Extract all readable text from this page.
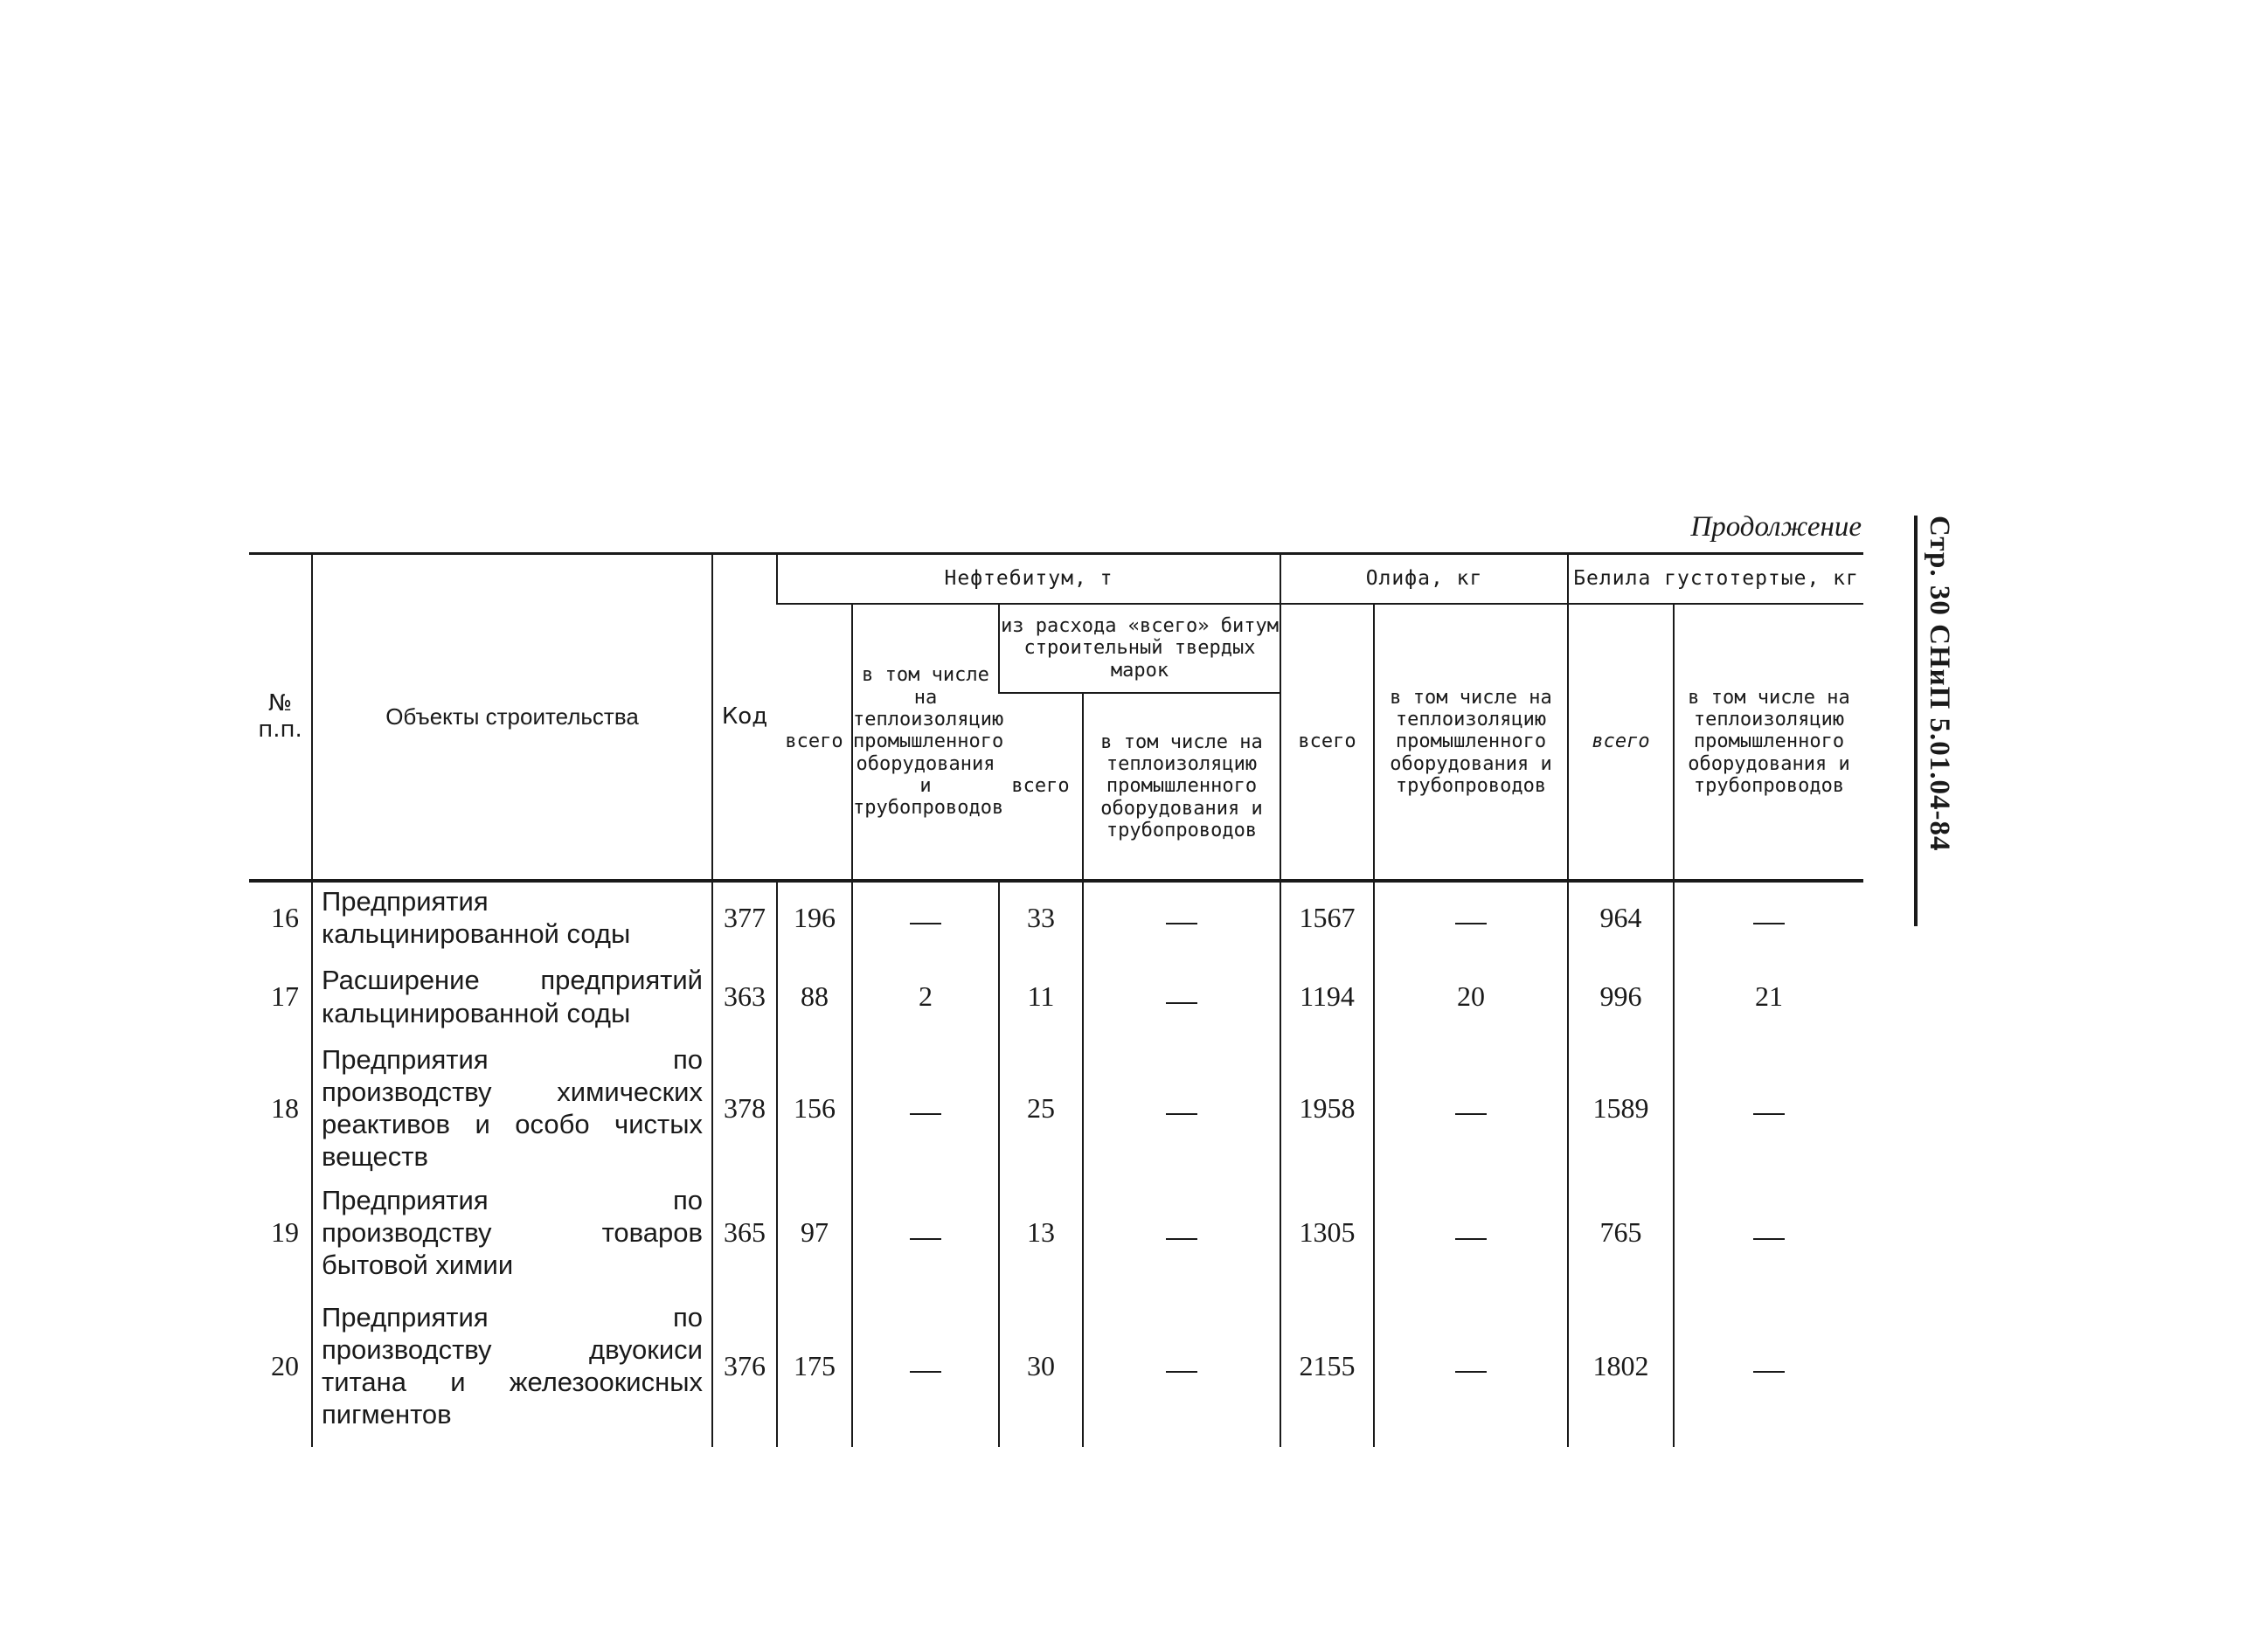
Продолжение Стр. 30 СНиП 5.01.04-84
№ п.п.	Объекты строительства	Код	Нефтебитум, т				Олифа, кг		Белила густотертые, кг	
			всего	в том числе на теплоизоляцию промышленного оборудования и трубопроводов	из расхода «всего» битум строительный твердых марок		всего	в том числе на теплоизоляцию промышленного оборудования и трубопроводов	всего	в том числе на теплоизоляцию промышленного оборудования и трубопроводов
					всего	в том числе на теплоизоляцию промышленного оборудования и трубопроводов				
16	Предприятия кальцинированной соды	377	196		33		1567		964	
17	Расширение предприятий кальцинированной соды	363	88	2	11		1194	20	996	21
18	Предприятия по производству химических реактивов и особо чистых веществ	378	156		25		1958		1589	
19	Предприятия по производству товаров бытовой химии	365	97		13		1305		765	
20	Предприятия по производству двуокиси титана и железоокисных пигментов	376	175		30		2155		1802	
